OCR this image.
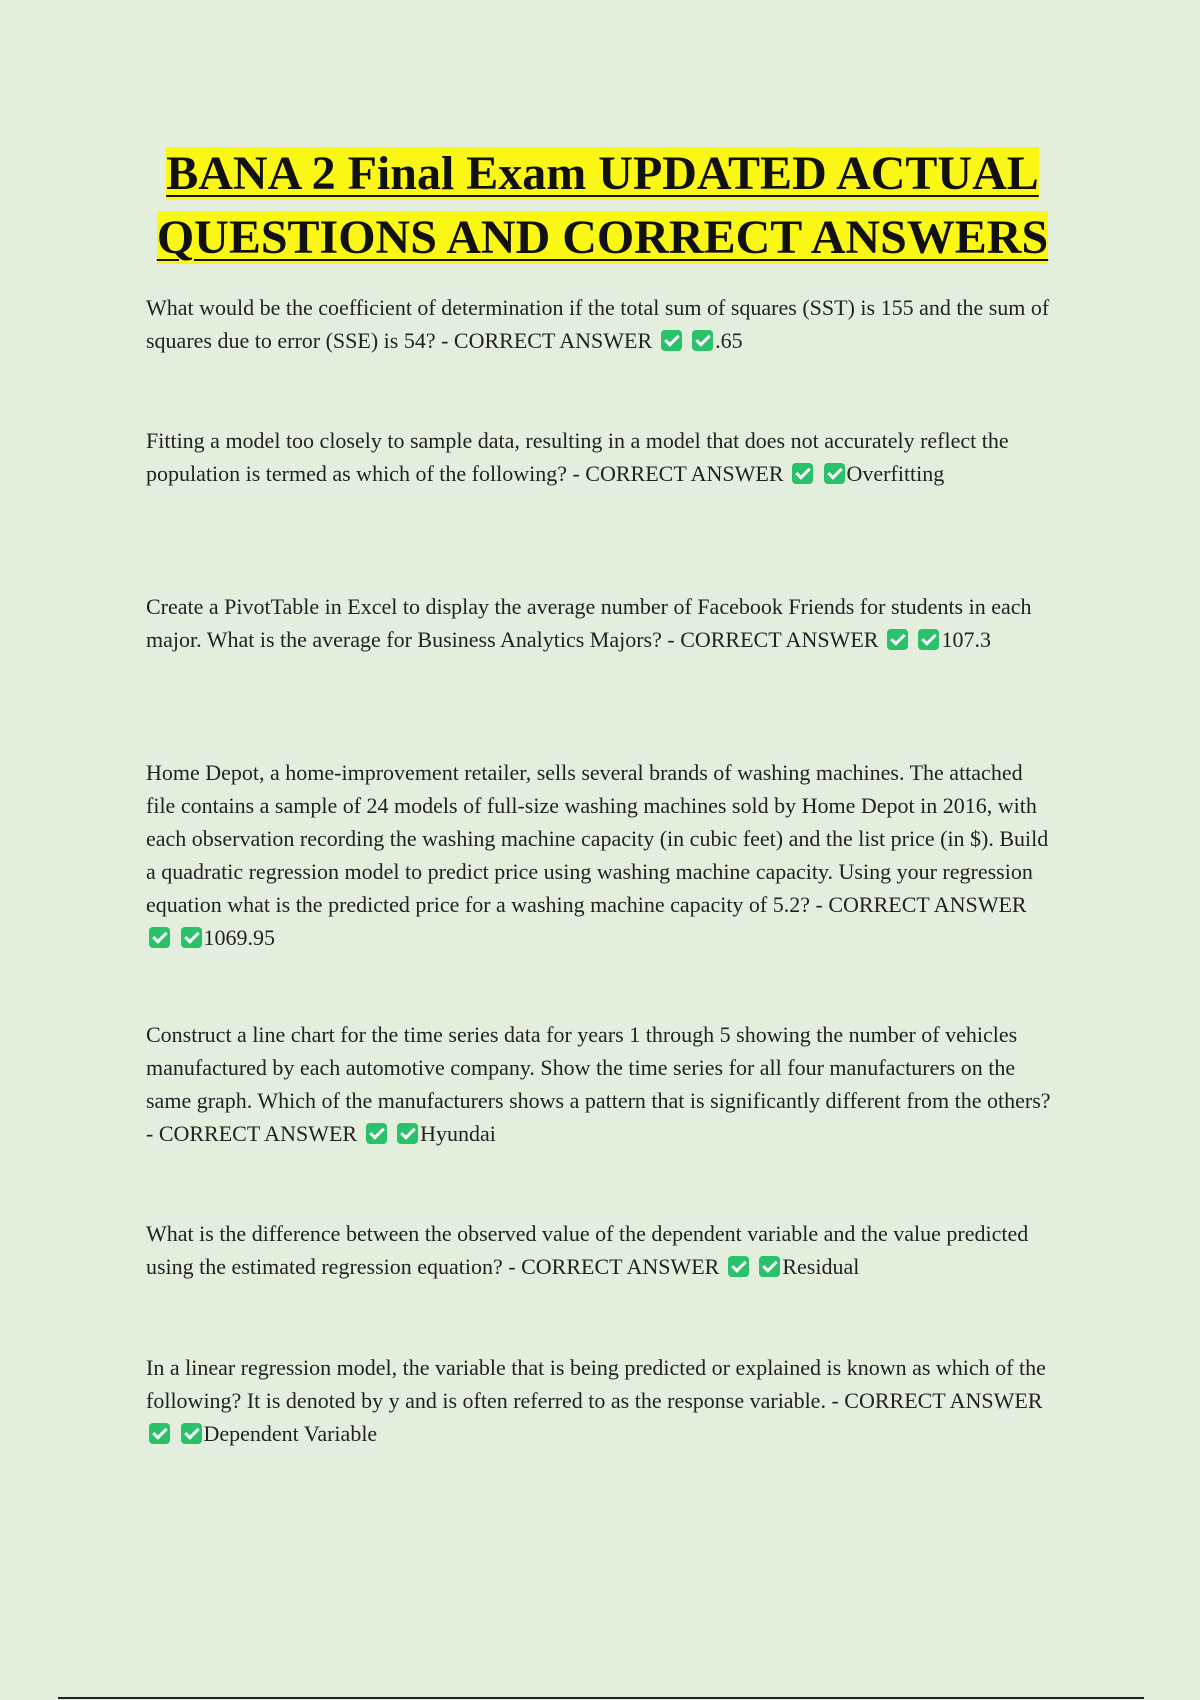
BANA 2 Final Exam UPDATED ACTUAL
QUESTIONS AND CORRECT ANSWERS

What would be the coefficient of determination if the total sum of squares (SST) is 155 and the sum of squares due to error (SSE) is 54? - CORRECT ANSWER	.65

Fitting a model too closely to sample data, resulting in a model that does not accurately reflect the population is termed as which of the following? - CORRECT ANSWER	Overfitting

Create a PivotTable in Excel to display the average number of Facebook Friends for students in each major. What is the average for Business Analytics Majors? - CORRECT ANSWER	107.3

Home Depot, a home-improvement retailer, sells several brands of washing machines. The attached file contains a sample of 24 models of full-size washing machines sold by Home Depot in 2016, with each observation recording the washing machine capacity (in cubic feet) and the list price (in $). Build a quadratic regression model to predict price using washing machine capacity. Using your regression equation what is the predicted price for a washing machine capacity of 5.2? - CORRECT ANSWER  1069.95

Construct a line chart for the time series data for years 1 through 5 showing the number of vehicles manufactured by each automotive company. Show the time series for all four manufacturers on the same graph. Which of the manufacturers shows a pattern that is significantly different from the others? - CORRECT ANSWER	Hyundai

What is the difference between the observed value of the dependent variable and the value predicted using the estimated regression equation? - CORRECT ANSWER	Residual

In a linear regression model, the variable that is being predicted or explained is known as which of the following? It is denoted by y and is often referred to as the response variable. - CORRECT ANSWER  Dependent Variable
